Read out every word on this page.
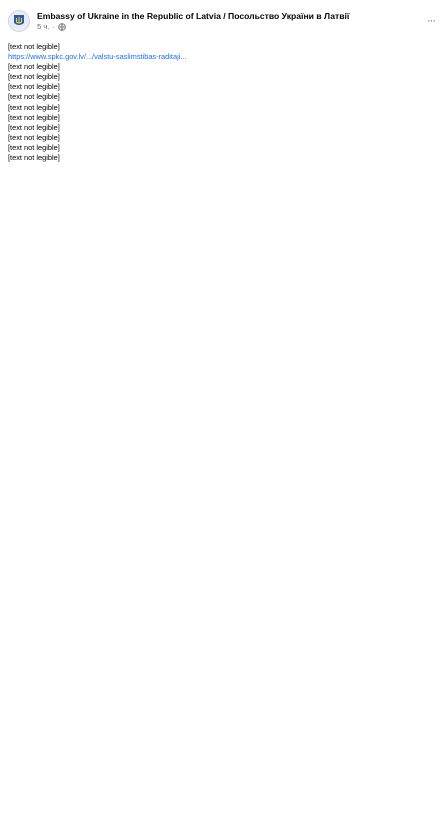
Embassy of Ukraine in the Republic of Latvia / Посольство України в Латвії
5 ч. ·	···

[text not legible]

https://www.spkc.gov.lv/.../valstu-saslimstibas-raditaji...

[text not legible]

[text not legible]

[text not legible]

[text not legible]

[text not legible]

[text not legible]

[text not legible]

[text not legible]

[text not legible]

[text not legible]
